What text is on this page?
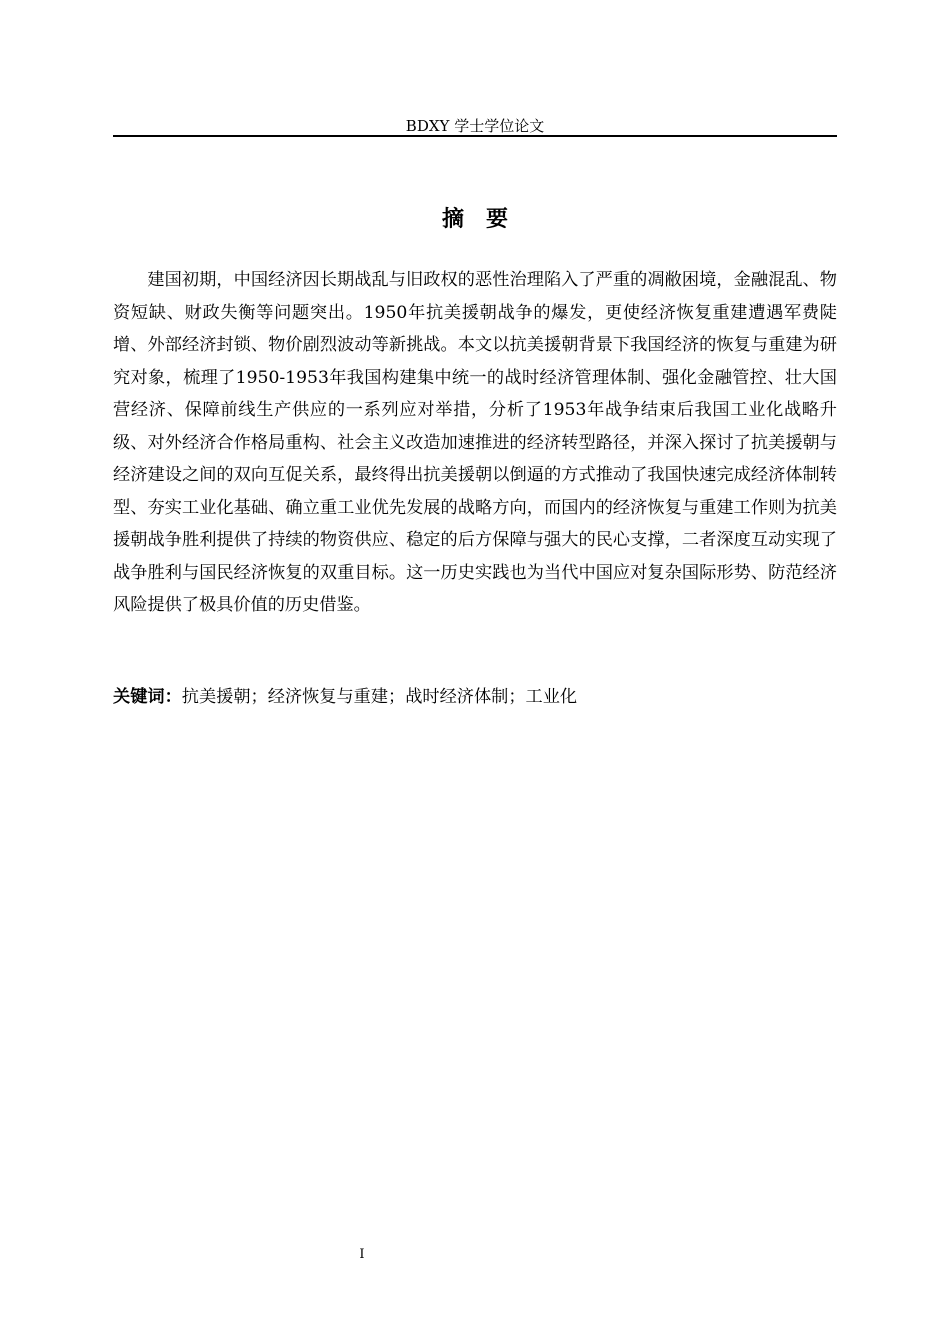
BDXY 学士学位论文
摘要

建国初期，中国经济因长期战乱与旧政权的恶性治理陷入了严重的凋敝困境，金融混乱、物资短缺、财政失衡等问题突出。1950年抗美援朝战争的爆发，更使经济恢复重建遭遇军费陡增、外部经济封锁、物价剧烈波动等新挑战。本文以抗美援朝背景下我国经济的恢复与重建为研究对象，梳理了1950-1953年我国构建集中统一的战时经济管理体制、强化金融管控、壮大国营经济、保障前线生产供应的一系列应对举措，分析了1953年战争结束后我国工业化战略升级、对外经济合作格局重构、社会主义改造加速推进的经济转型路径，并深入探讨了抗美援朝与经济建设之间的双向互促关系，最终得出抗美援朝以倒逼的方式推动了我国快速完成经济体制转型、夯实工业化基础、确立重工业优先发展的战略方向，而国内的经济恢复与重建工作则为抗美援朝战争胜利提供了持续的物资供应、稳定的后方保障与强大的民心支撑，二者深度互动实现了战争胜利与国民经济恢复的双重目标。这一历史实践也为当代中国应对复杂国际形势、防范经济风险提供了极具价值的历史借鉴。

关键词：抗美援朝；经济恢复与重建；战时经济体制；工业化

I
